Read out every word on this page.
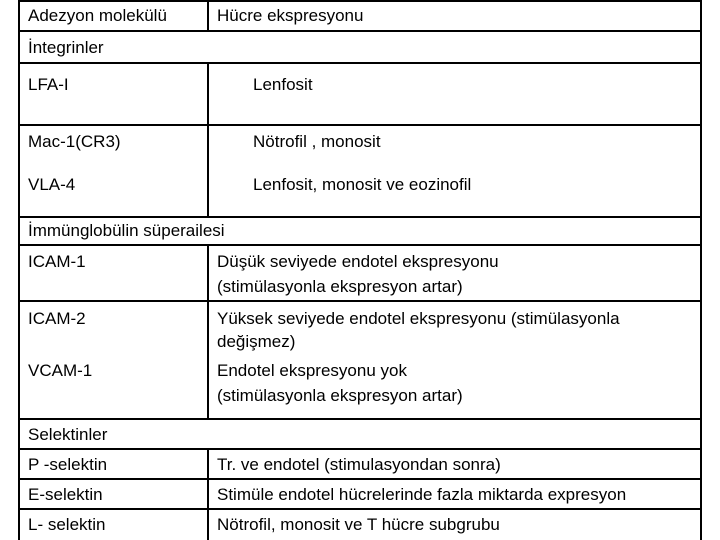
Adezyon molekülü	Hücre ekspresyonu
İntegrinler
LFA-I	Lenfosit
Mac-1(CR3)	Nötrofil , monosit
VLA-4	Lenfosit, monosit ve eozinofil
İmmünglobülin süperailesi
ICAM-1	Düşük seviyede endotel ekspresyonu
(stimülasyonla ekspresyon artar)
ICAM-2	Yüksek seviyede endotel ekspresyonu (stimülasyonla
değişmez)
VCAM-1	Endotel ekspresyonu yok
(stimülasyonla ekspresyon artar)
Selektinler
P -selektin	Tr. ve endotel (stimulasyondan sonra)
E-selektin	Stimüle endotel hücrelerinde fazla miktarda expresyon
L- selektin	Nötrofil, monosit ve T hücre subgrubu
